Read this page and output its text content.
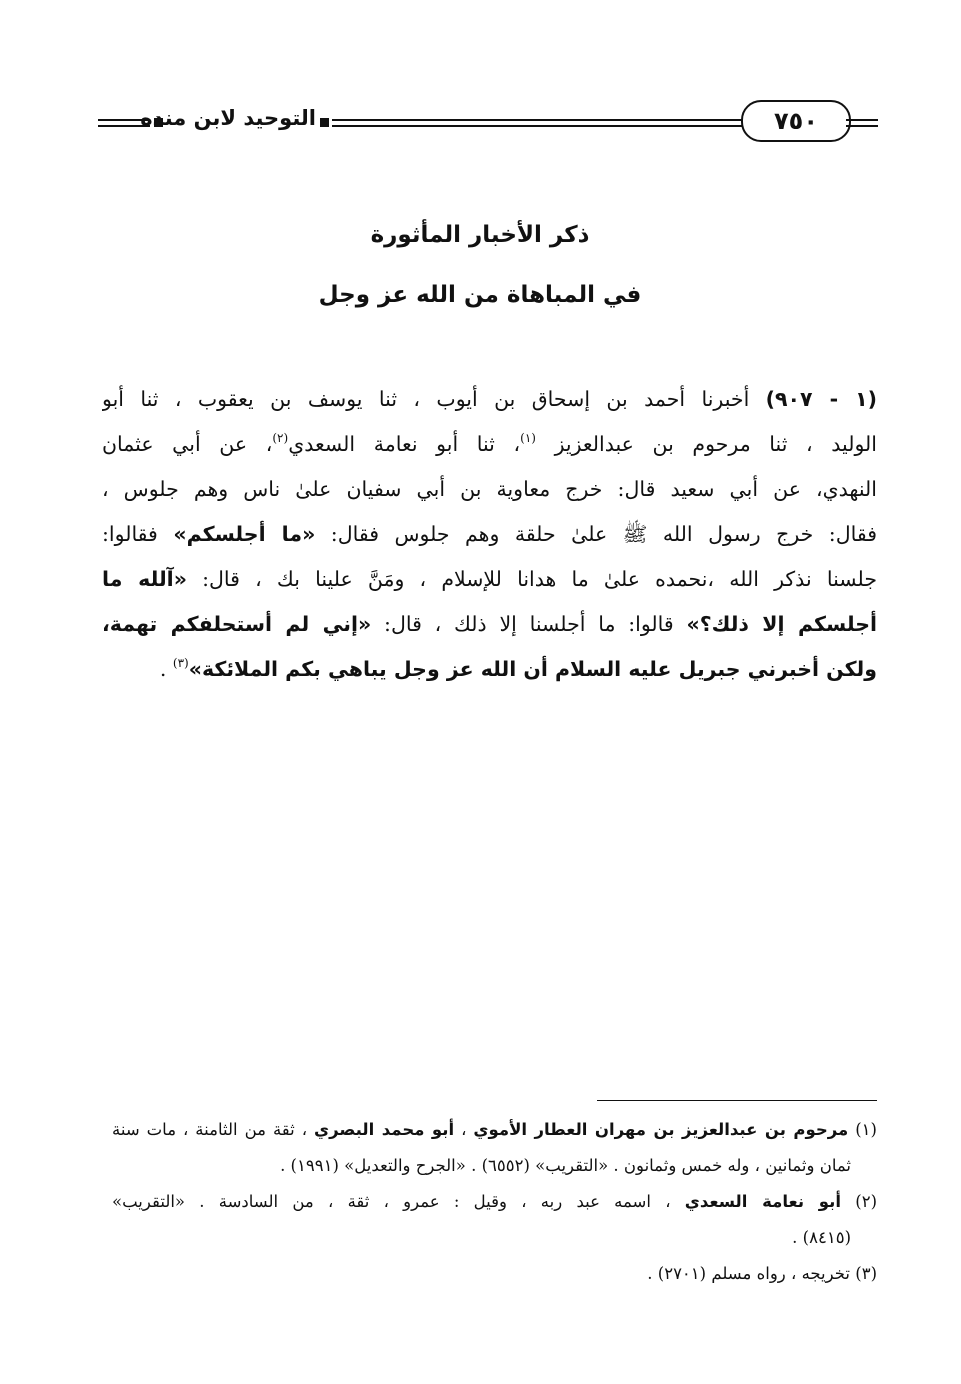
التوحيد لابن منده	٧٥٠
ذكر الأخبار المأثورة
في المباهاة من الله عز وجل
(١ - ٩٠٧) أخبرنا أحمد بن إسحاق بن أيوب ، ثنا يوسف بن يعقوب ، ثنا أبو
الوليد ، ثنا مرحوم بن عبدالعزيز $^{(١)}$، ثنا أبو نعامة السعدي$^{(٢)}$، عن أبي عثمان
النهدي، عن أبي سعيد قال: خرج معاوية بن أبي سفيان علىٰ ناس وهم جلوس ،
فقال: خرج رسول الله ﷺ علىٰ حلقة وهم جلوس فقال: «ما أجلسكم» فقالوا:
جلسنا نذكر الله ،نحمده علىٰ ما هدانا للإسلام ، ومَنَّ علينا بك ، قال: «آلله ما
أجلسكم إلا ذلك؟» قالوا: ما أجلسنا إلا ذلك ، قال: «إني لم أستحلفكم تهمة،
ولكن أخبرني جبريل عليه السلام أن الله عز وجل يباهي بكم الملائكة»$^{(٣)}$ .
(١) مرحوم بن عبدالعزيز بن مهران العطار الأموي ، أبو محمد البصري ، ثقة من الثامنة ، مات سنة
ثمان وثمانين ، وله خمس وثمانون . «التقريب» (٦٥٥٢) . «الجرح والتعديل» (١٩٩١) .
(٢) أبو نعامة السعدي ، اسمه عبد ربه ، وقيل : عمرو ، ثقة ، من السادسة . «التقريب»
(٨٤١٥) .
(٣) تخريجه ، رواه مسلم (٢٧٠١) .
